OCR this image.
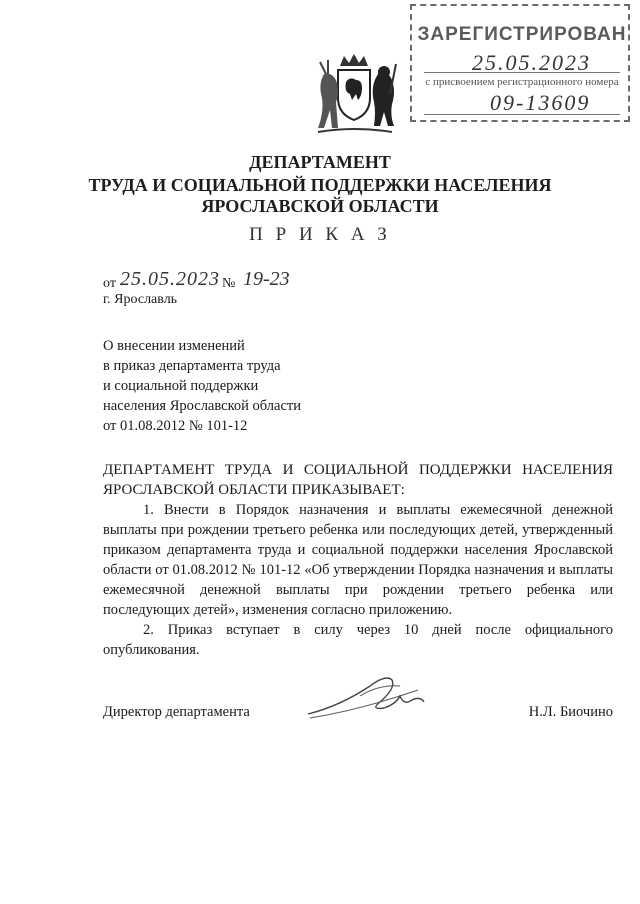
ЗАРЕГИСТРИРОВАН
25.05.2023
с присвоением регистрационного номера
09-13609
ДЕПАРТАМЕНТ
ТРУДА И СОЦИАЛЬНОЙ ПОДДЕРЖКИ НАСЕЛЕНИЯ
ЯРОСЛАВСКОЙ ОБЛАСТИ
П Р И К А З
от 25.05.2023 № 19-23
г. Ярославль
О внесении изменений
в приказ департамента труда
и социальной поддержки
населения Ярославской области
от 01.08.2012 № 101-12
ДЕПАРТАМЕНТ ТРУДА И СОЦИАЛЬНОЙ ПОДДЕРЖКИ НАСЕЛЕНИЯ ЯРОСЛАВСКОЙ ОБЛАСТИ ПРИКАЗЫВАЕТ:
1. Внести в Порядок назначения и выплаты ежемесячной денежной выплаты при рождении третьего ребенка или последующих детей, утвержденный приказом департамента труда и социальной поддержки населения Ярославской области от 01.08.2012 № 101-12 «Об утверждении Порядка назначения и выплаты ежемесячной денежной выплаты при рождении третьего ребенка или последующих детей», изменения согласно приложению.
2. Приказ вступает в силу через 10 дней после официального опубликования.
Директор департамента	Н.Л. Биочино
